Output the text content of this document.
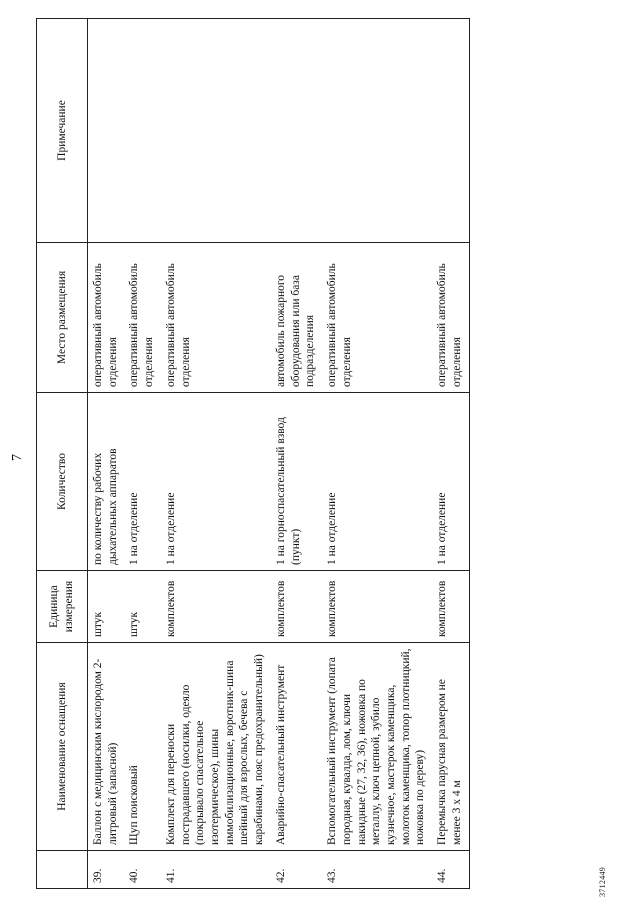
7
	Наименование оснащения	Единица измерения	Количество	Место размещения	Примечание
39.	Баллон с медицинским кислородом 2-литровый (запасной)	штук	по количеству рабочих дыхательных аппаратов	оперативный автомобиль отделения	
40.	Щуп поисковый	штук	1 на отделение	оперативный автомобиль отделения	
41.	Комплект для переноски пострадавшего (носилки, одеяло (покрывало спасательное изотермическое), шины иммобилизационные, воротник-шина шейный для взрослых, бечева с карабинами, пояс предохранительный)	комплектов	1 на отделение	оперативный автомобиль отделения	
42.	Аварийно-спасательный инструмент	комплектов	1 на горноспасательный взвод (пункт)	автомобиль пожарного оборудования или база подразделения	
43.	Вспомогательный инструмент (лопата породная, кувалда, лом, ключи накидные (27, 32, 36), ножовка по металлу, ключ цепной, зубило кузнечное, мастерок каменщика, молоток каменщика, топор плотницкий, ножовка по дереву)	комплектов	1 на отделение	оперативный автомобиль отделения	
44.	Перемычка парусная размером не менее 3 х 4 м	комплектов	1 на отделение	оперативный автомобиль отделения	
3712449
